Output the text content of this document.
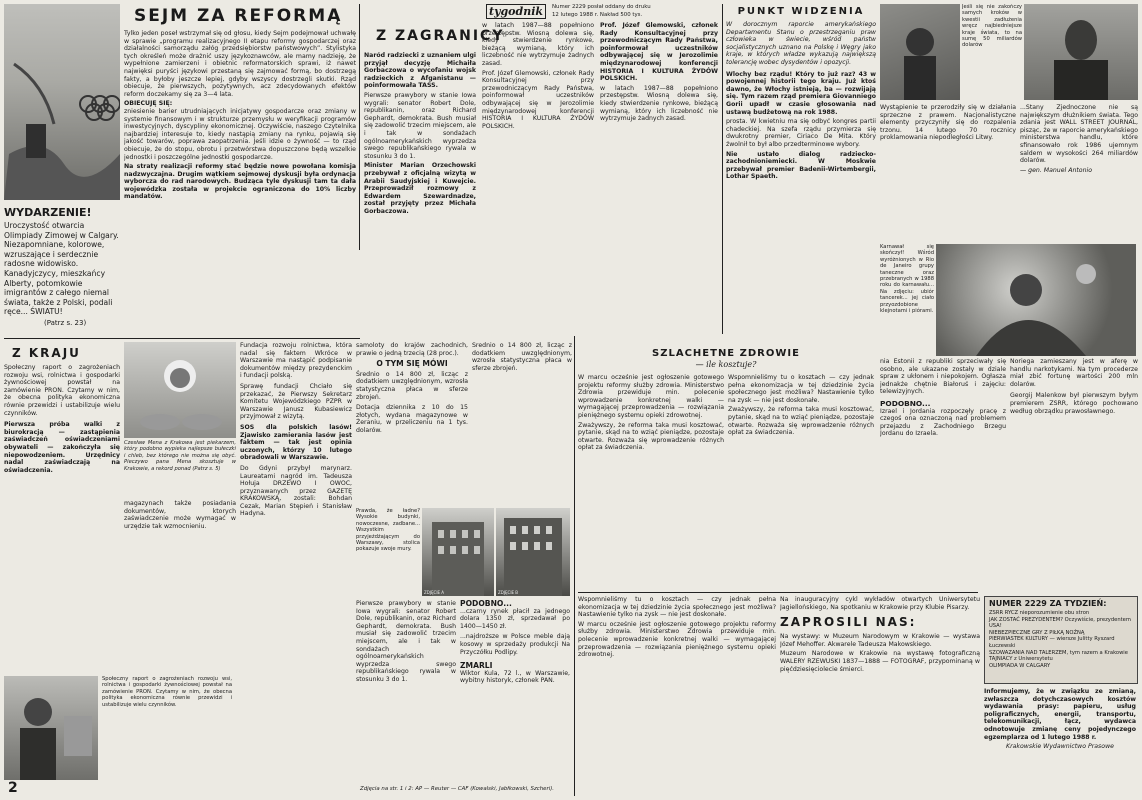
SEJM ZA REFORMĄ

Tylko jeden poseł wstrzymał się od głosu, kiedy Sejm podejmował uchwałę w sprawie „programu realizacyjnego II etapu reformy gospodarczej oraz działalności samorządu załóg przedsiębiorstw państwowych”. Stylistyka tych określeń może drażnić uszy językoznawców, ale mamy nadzieję, że wypełnione zamierzeni i obietnic reformatorskich sprawi, iż nawet najwięksi puryści językowi przestaną się zajmować formą, bo dostrzegą fakty, a byłoby jeszcze lepiej, gdyby wszyscy dostrzegli skutki. Rząd obiecuje, że pierwszych, pozytywnych, acz zdecydowanych efektów reform doczekamy się za 3—4 lata.

OBIECUJĘ SIĘ:

zniesienie barier utrudniających inicjatywy gospodarcze oraz zmiany w systemie finansowym i w strukturze przemysłu w weryfikacji programów inwestycyjnych, dyscypliny ekonomicznej. Oczywiście, naszego Czytelnika najbardziej interesuje to, kiedy nastąpią zmiany na rynku, pojawią się jakość towarów, poprawa zaopatrzenia. Jeśli idzie o żywność — to rząd obiecuje, że do stopu, obrotu i przetwórstwa dopuszczone będą wszelkie jednostki i poszczególne jednostki gospodarcze.

Na straty realizacji reformy stać będzie nowe powołana komisja nadzwyczajna. Drugim wątkiem sejmowej dyskusji była ordynacja wyborcza do rad narodowych. Budząca tyle dyskusji tam ta dała wojewódzka została w projekcie ograniczona do 10% liczby mandatów.

WYDARZENIE!

Uroczystość otwarcia Olimpiady Zimowej w Calgary. Niezapomniane, kolorowe, wzruszające i serdecznie radosne widowisko. Kanadyjczycy, mieszkańcy Alberty, potomkowie imigrantów z całego niemal świata, także z Polski, podali ręce... ŚWIATU!

(Patrz s. 23)

tygodnik	Numer 2229 posłał oddany do druku
12 lutego 1988 r. Nakład 500 tys.
Z ZAGRANICY

Naród radziecki z uznaniem ulgi przyjął decyzję Michaiła Gorbaczowa o wycofaniu wojsk radzieckich z Afganistanu — poinformowała TASS.

Pierwsze prawybory w stanie Iowa wygrali: senator Robert Dole, republikanin, oraz Richard Gephardt, demokrata. Bush musiał się zadowolić trzecim miejscem, ale i tak w sondażach ogólnoamerykańskich wyprzedza swego republikańskiego rywala w stosunku 3 do 1.

Minister Marian Orzechowski przebywał z oficjalną wizytą w Arabii Saudyjskiej i Kuwejcie. Przeprowadził rozmowy z Edwardem Szewardnadze, został przyjęty przez Michała Gorbaczowa.

w latach 1987—88 popełniono przestępstw. Wiosną dolewa się, kiedy stwierdzenie rynkowe, bieżącą wymianą, który ich liczebność nie wytrzymuje żadnych zasad.

Prof. Józef Glemowski, członek Rady Konsultacyjnej przy przewodniczącym Rady Państwa, poinformował uczestników odbywającej się w Jerozolimie międzynarodowej konferencji HISTORIA I KULTURA ŻYDÓW POLSKICH.

Prof. Józef Glemowski, członek Rady Konsultacyjnej przy przewodniczącym Rady Państwa, poinformował uczestników odbywającej się w Jerozolimie międzynarodowej konferencji HISTORIA I KULTURA ŻYDÓW POLSKICH.

w latach 1987—88 popełniono przestępstw. Wiosną dolewa się, kiedy stwierdzenie rynkowe, bieżącą wymianą, który ich liczebność nie wytrzymuje żadnych zasad.

PUNKT WIDZENIA

W dorocznym raporcie amerykańskiego Departamentu Stanu o przestrzeganiu praw człowieka w świecie, wśród państw socjalistycznych uznano na Polskę i Węgry jako kraje, w których władze wykazują największą tolerancję wobec dysydentów i opozycji.

Wlochy bez rządu! Który to już raz? 43 w powojennej historii tego kraju. Już ktoś dawno, że Włochy istnieją, ba — rozwijają się. Tym razem rząd premiera Giovanniego Gorii upadł w czasie głosowania nad ustawą budżetową na rok 1988.

prosta. W kwietniu ma się odbyć kongres partii chadeckiej. Na szefa rządu przymierza się dwukrotny premier, Ciriaco De Mita. Który źwolnił to był albo przedterminowe wybory.

Nie ustało dialog radziecko-zachodnioniemiecki. W Moskwie przebywał premier Badenii-Wirtembergii, Lothar Spaeth.

Jeśli się nie zakończy samych kroków w kwestii zadłużenia wręcz najbiedniejsze kraje świata, to na sumę 50 miliardów dolarów

Wystąpienie te przerodziły się w działania sprzeczne z prawem. Nacjonalistyczne elementy przyczyniły się do rozpalenia trzonu. 14 lutego 70 rocznicy proklamowania niepodległości Litwy.

...Stany Zjednoczone nie są największym dłużnikiem świata. Tego zdania jest WALL STREET JOURNAL, pisząc, że w raporcie amerykańskiego ministerstwa handlu, które sfinansowało rok 1986 ujemnym saldem w wysokości 264 miliardów dolarów.

— gen. Manuel Antonio

Karnawał się skończył! Wśród wyróżnionych w Rio de Janeiro grupy taneczne oraz przebranych w 1988 roku do karnawału... Na zdjęciu: ubiór tancerek... jej ciało przyozdobione klejnotami i piórami.

nia Estonii z republiki sprzeciwały się osobno, ale ukazane zostały w dziale spraw z ukłonem i niepokojem. Ogłasza jednakże chętnie Białoruś i zajęciu: telewizyjnych.

PODOBNO...

Izrael i Jordania rozpoczęły pracę z czegoś ona oznaczoną nad problemem przejazdu z Zachodniego Brzegu Jordanu do Izraela.

Noriega zamieszany jest w aferę w handlu narkotykami. Na tym procederze miał zbić fortunę wartości 200 mln dolarów.

Georgij Malenkow był pierwszym byłym premierem ZSRR, którego pochowano według obrządku prawosławnego.

Z KRAJU

Społeczny raport o zagrożeniach rozwoju wsi, rolnictwa i gospodarki żywnościowej powstał na zamówienie PRON. Czytamy w nim, że obecna polityka ekonomiczna równie przewidzi i ustabilizuje wielu czynników.

Pierwsza próba walki z biurokracją — zastąpienia zaświadczeń oświadczeniami obywateli — zakończyła się niepowodzeniem. Urzędnicy nadal zaświadczają na oświadczenia.

Czesław Mena z Krakowa jest piekarzem, który podobno wypieka najlepsze bułeczki i chleb, bez którego nie można się obyć. Pieczywo pana Mena skosztuje w Krakowie, a rekord ponad (Patrz s. 5)

magazynach także posiadania dokumentów, ktorych zaświadczenie może wymagać w urzędzie tak wzmocnieniu.

Fundacja rozwoju rolnictwa, która nadal się faktem Wkróce w Warszawie ma nastąpić podpisanie dokumentów między prezydenckim i fundacji polską.

Sprawę fundacji Chciało się przekazać, że Pierwszy Sekretarz Komitetu Wojewódzkiego PZPR w Warszawie Janusz Kubasiewicz przyjmował z wizytą.

SOS dla polskich lasów! Zjawisko zamierania lasów jest faktem — tak jest opinia uczonych, którzy 10 lutego obradowali w Warszawie.

Do Gdyni przybył marynarz. Laureatami nagród im. Tadeusza Hołuja DRZEWO I OWOC, przyznawanych przez GAZETĘ KRAKOWSKĄ, zostali: Bohdan Cezak, Marian Stępień i Stanisław Hadyna.

samoloty do krajów zachodnich, prawie o jedną trzecią (28 proc.).

O TYM SIĘ MÓWI

Średnio o 14 800 zł, licząc z dodatkiem uwzględnionym, wzrosła statystyczna płaca w sferze zbrojeń.

Dotacja dziennika z 10 do 15 złotych, wydana magazynowe w Żeraniu, w przeliczeniu na 1 tys. dolarów.

Średnio o 14 800 zł, licząc z dodatkiem uwzględnionym, wzrosła statystyczna płaca w sferze zbrojeń.

Prawda, że ładne? Wysokie budynki, nowoczesne, zadbane... Wszystkim przyjeżdżającym do Warszawy, stolica pokazuje swoje mury.

ZDJĘCIE A	ZDJĘCIE B

Pierwsze prawybory w stanie Iowa wygrali: senator Robert Dole, republikanin, oraz Richard Gephardt, demokrata. Bush musiał się zadowolić trzecim miejscem, ale i tak w sondażach ogólnoamerykańskich wyprzedza swego republikańskiego rywala w stosunku 3 do 1.

PODOBNO...

...czarny rynek płacił za jednego dolara 1350 zł, sprzedawał po 1400—1450 zł.

...najdroższe w Polsce meble dają kosowy w sprzedaży produkcji Na Przyczółku Podlipy.

ZMARLI

Wiktor Kula, 72 l., w Warszawie, wybitny historyk, członek PAN.

Społeczny raport o zagrożeniach rozwoju wsi, rolnictwa i gospodarki żywnościowej powstał na zamówienie PRON. Czytamy w nim, że obecna polityka ekonomiczna równie przewidzi i ustabilizuje wielu czynników.

SZLACHETNE ZDROWIE

— ile kosztuje?

W marcu ocześnie jest ogłoszenie gotowego projektu reformy służby zdrowia. Ministerstwo Zdrowia przewiduje min. polecenie wprowadzenie konkretnej walki — wymagającej przeprowadzenia — rozwiązania pieniężnego systemu opieki zdrowotnej.

Zważywszy, że reforma taka musi kosztować, pytanie, skąd na to wziąć pieniądze, pozostaje otwarte. Rozważa się wprowadzenie różnych opłat za świadczenia.

Wspomnieliśmy tu o kosztach — czy jednak pełna ekonomizacja w tej dziedzinie życia społecznego jest możliwa? Nastawienie tylko na zysk — nie jest doskonałe.

Zważywszy, że reforma taka musi kosztować, pytanie, skąd na to wziąć pieniądze, pozostaje otwarte. Rozważa się wprowadzenie różnych opłat za świadczenia.

Na inauguracyjny cykl wykładów otwartych Uniwersytetu Jagiellońskiego, Na spotkaniu w Krakowie przy Klubie Pisarzy.

ZAPROSILI NAS:

Na wystawy: w Muzeum Narodowym w Krakowie — wystawa Józef Mehoffer. Akwarele Tadeusza Makowskiego.

Muzeum Narodowe w Krakowie na wystawę fotograficzną WALERY RZEWUSKI 1837—1888 — FOTOGRAF, przypominaną w pięćdziesięciolecie śmierci.

Wspomnieliśmy tu o kosztach — czy jednak pełna ekonomizacja w tej dziedzinie życia społecznego jest możliwa? Nastawienie tylko na zysk — nie jest doskonałe.

W marcu ocześnie jest ogłoszenie gotowego projektu reformy służby zdrowia. Ministerstwo Zdrowia przewiduje min. polecenie wprowadzenie konkretnej walki — wymagającej przeprowadzenia — rozwiązania pieniężnego systemu opieki zdrowotnej.

NUMER 2229 ZA TYDZIEŃ:
ZSRR RYCZ nieporozumienie obu stron
JAK ZOSTAĆ PREZYDENTEM? Oczywiście, prezydentem USA!
NIEBEZPIECZNE GRY Z PIŁKĄ NOŻNĄ
PIERWIASTEK KULTURY — wiersze Julitty Ryszard Łuczewski
SZOWAZANIA NAD TALERZEM, tym razem a Krakowie
TAJNIACY z Uniwersytetu
OLIMPIADA W CALGARY

Informujemy, że w związku ze zmianą, zwłaszcza dotychczasowych kosztów wydawania prasy: papieru, usług poligraficznych, energii, transportu, telekomunikacji, łącz, wydawca odnotowuje zmianę ceny pojedynczego egzemplarza od 1 lutego 1988 r.

Krakowskie Wydawnictwo Prasowe

2	Zdjęcia na str. 1 i 2: AP — Reuter — CAF (Kowalski, Jabłkowski, Szcheri).
